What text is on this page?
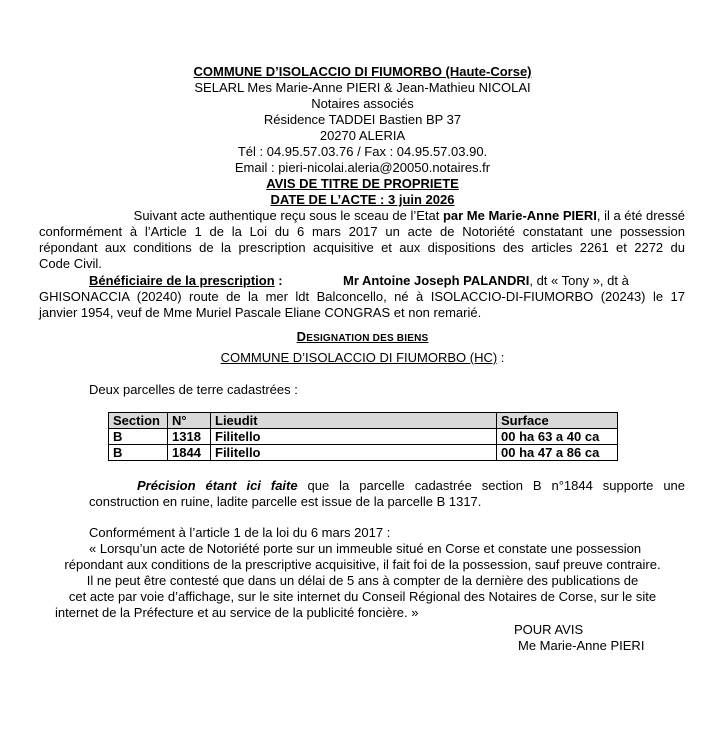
COMMUNE D’ISOLACCIO DI FIUMORBO (Haute-Corse)
SELARL Mes Marie-Anne PIERI & Jean-Mathieu NICOLAI
Notaires associés
Résidence TADDEI Bastien BP 37
20270 ALERIA
Tél : 04.95.57.03.76 / Fax : 04.95.57.03.90.
Email : pieri-nicolai.aleria@20050.notaires.fr
AVIS DE TITRE DE PROPRIETE
DATE DE L’ACTE : 3 juin 2026
Suivant acte authentique reçu sous le sceau de l’Etat par Me Marie-Anne PIERI, il a été dressé
conformément à l’Article 1 de la Loi du 6 mars 2017 un acte de Notoriété constatant une possession
répondant aux conditions de la prescription acquisitive et aux dispositions des articles 2261 et 2272 du
Code Civil.
Bénéficiaire de la prescription :	Mr Antoine Joseph PALANDRI, dt « Tony », dt à
GHISONACCIA (20240) route de la mer ldt Balconcello, né à ISOLACCIO-DI-FIUMORBO (20243) le 17
janvier 1954, veuf de Mme Muriel Pascale Eliane CONGRAS et non remarié.
DESIGNATION DES BIENS
COMMUNE D’ISOLACCIO DI FIUMORBO (HC) :
Deux parcelles de terre cadastrées :
Section	N°	Lieudit	Surface
B	1318	Filitello	00 ha 63 a 40 ca
B	1844	Filitello	00 ha 47 a 86 ca
Précision étant ici faite que la parcelle cadastrée section B n°1844 supporte une
construction en ruine, ladite parcelle est issue de la parcelle B 1317.
Conformément à l’article 1 de la loi du 6 mars 2017 :
« Lorsqu’un acte de Notoriété porte sur un immeuble situé en Corse et constate une possession
répondant aux conditions de la prescriptive acquisitive, il fait foi de la possession, sauf preuve contraire.
Il ne peut être contesté que dans un délai de 5 ans à compter de la dernière des publications de
cet acte par voie d’affichage, sur le site internet du Conseil Régional des Notaires de Corse, sur le site
internet de la Préfecture et au service de la publicité foncière. »
POUR AVIS
Me Marie-Anne PIERI
